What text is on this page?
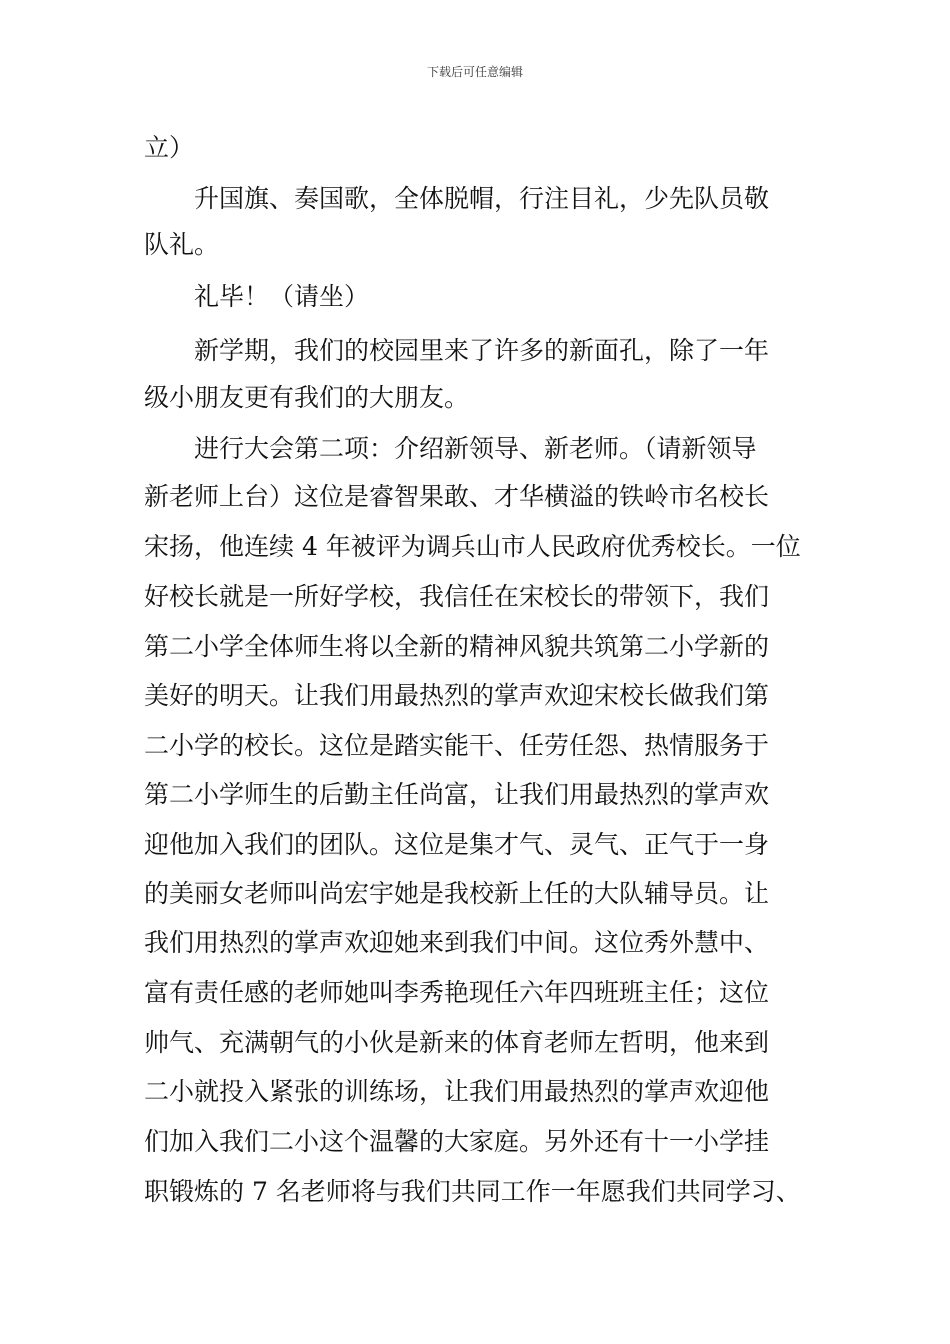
下载后可任意编辑
立）
　　升国旗、奏国歌，全体脱帽，行注目礼，少先队员敬
队礼。
　　礼毕！（请坐）
　　新学期，我们的校园里来了许多的新面孔，除了一年
级小朋友更有我们的大朋友。
　　进行大会第二项：介绍新领导、新老师。（请新领导
新老师上台）这位是睿智果敢、才华横溢的铁岭市名校长
宋扬，他连续 4 年被评为调兵山市人民政府优秀校长。一位
好校长就是一所好学校，我信任在宋校长的带领下，我们
第二小学全体师生将以全新的精神风貌共筑第二小学新的
美好的明天。让我们用最热烈的掌声欢迎宋校长做我们第
二小学的校长。这位是踏实能干、任劳任怨、热情服务于
第二小学师生的后勤主任尚富，让我们用最热烈的掌声欢
迎他加入我们的团队。这位是集才气、灵气、正气于一身
的美丽女老师叫尚宏宇她是我校新上任的大队辅导员。让
我们用热烈的掌声欢迎她来到我们中间。这位秀外慧中、
富有责任感的老师她叫李秀艳现任六年四班班主任；这位
帅气、充满朝气的小伙是新来的体育老师左哲明，他来到
二小就投入紧张的训练场，让我们用最热烈的掌声欢迎他
们加入我们二小这个温馨的大家庭。另外还有十一小学挂
职锻炼的 7 名老师将与我们共同工作一年愿我们共同学习、
